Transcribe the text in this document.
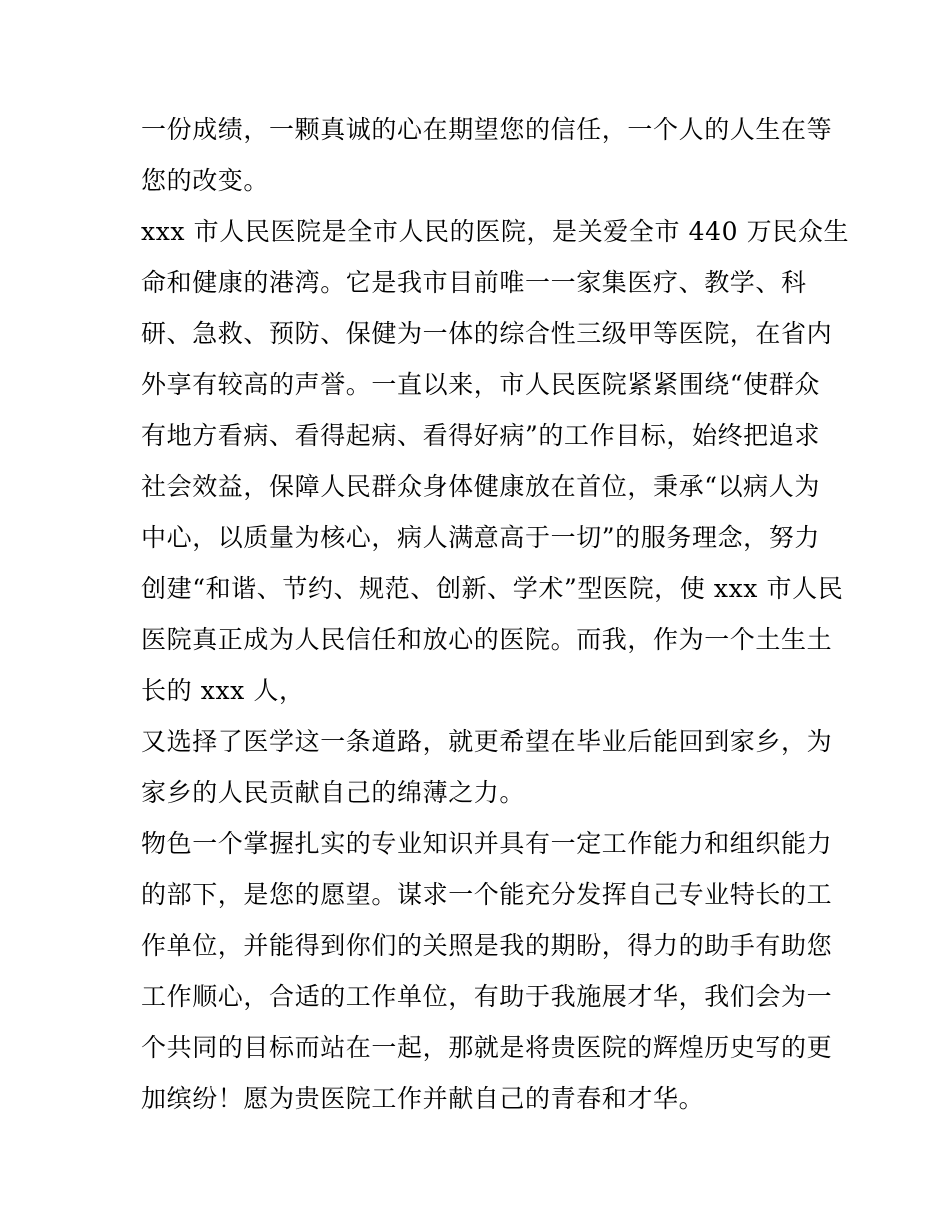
一份成绩，一颗真诚的心在期望您的信任，一个人的人生在等
您的改变。
xxx 市人民医院是全市人民的医院，是关爱全市 440 万民众生
命和健康的港湾。它是我市目前唯一一家集医疗、教学、科
研、急救、预防、保健为一体的综合性三级甲等医院，在省内
外享有较高的声誉。一直以来，市人民医院紧紧围绕“使群众
有地方看病、看得起病、看得好病”的工作目标，始终把追求
社会效益，保障人民群众身体健康放在首位，秉承“以病人为
中心，以质量为核心，病人满意高于一切”的服务理念，努力
创建“和谐、节约、规范、创新、学术”型医院，使 xxx 市人民
医院真正成为人民信任和放心的医院。而我，作为一个土生土
长的 xxx 人，
又选择了医学这一条道路，就更希望在毕业后能回到家乡，为
家乡的人民贡献自己的绵薄之力。
物色一个掌握扎实的专业知识并具有一定工作能力和组织能力
的部下，是您的愿望。谋求一个能充分发挥自己专业特长的工
作单位，并能得到你们的关照是我的期盼，得力的助手有助您
工作顺心，合适的工作单位，有助于我施展才华，我们会为一
个共同的目标而站在一起，那就是将贵医院的辉煌历史写的更
加缤纷！愿为贵医院工作并献自己的青春和才华。
